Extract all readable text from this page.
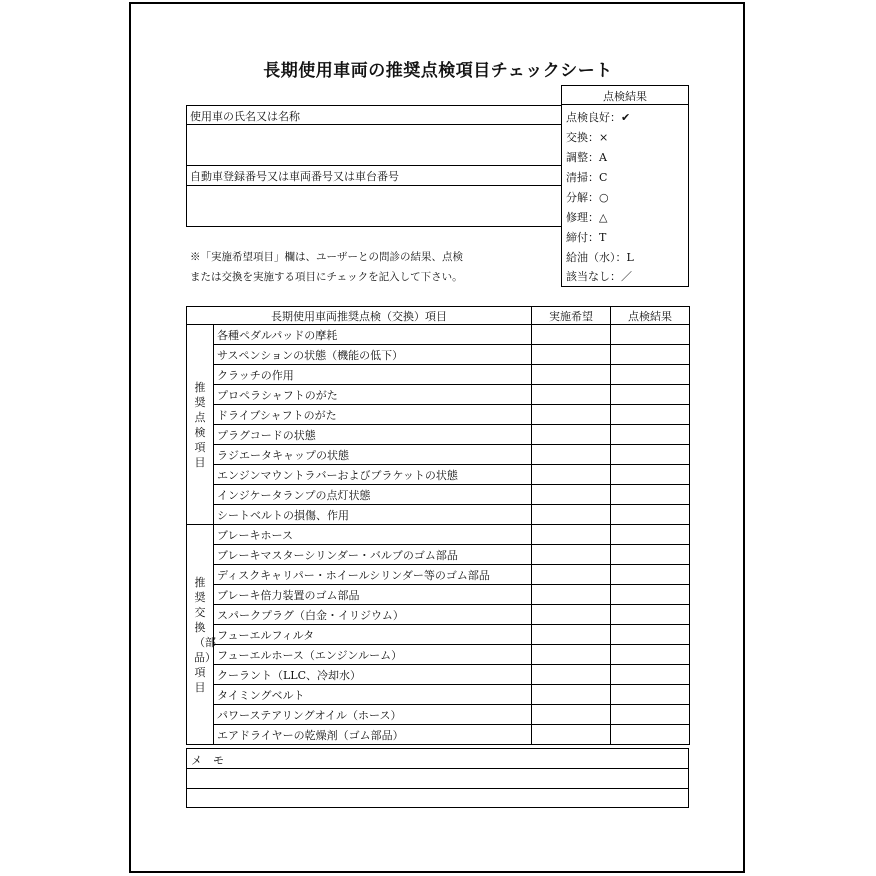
長期使用車両の推奨点検項目チェックシート
使用車の氏名又は名称
自動車登録番号又は車両番号又は車台番号
点検結果
点検良好：✔
交換：×
調整：A
清掃：C
分解：○
修理：△
締付：T
給油（水）：L
該当なし：／
※「実施希望項目」欄は、ユーザーとの問診の結果、点検
または交換を実施する項目にチェックを記入して下さい。
長期使用車両推奨点検（交換）項目		実施希望	点検結果

推奨点検項目	各種ペダルパッドの摩耗		
	サスペンションの状態（機能の低下）		
	クラッチの作用		
	プロペラシャフトのがた		
	ドライブシャフトのがた		
	プラグコードの状態		
	ラジエータキャップの状態		
	エンジンマウントラバーおよびブラケットの状態		
	インジケータランプの点灯状態		
	シートベルトの損傷、作用		

推奨交換（部品）項目	ブレーキホース		
	ブレーキマスターシリンダー・バルブのゴム部品		
	ディスクキャリパー・ホイールシリンダー等のゴム部品		
	ブレーキ倍力装置のゴム部品		
	スパークプラグ（白金・イリジウム）		
	フューエルフィルタ		
	フューエルホース（エンジンルーム）		
	クーラント（LLC、冷却水）		
	タイミングベルト		
	パワーステアリングオイル（ホース）		
	エアドライヤーの乾燥剤（ゴム部品）		
メ　モ
